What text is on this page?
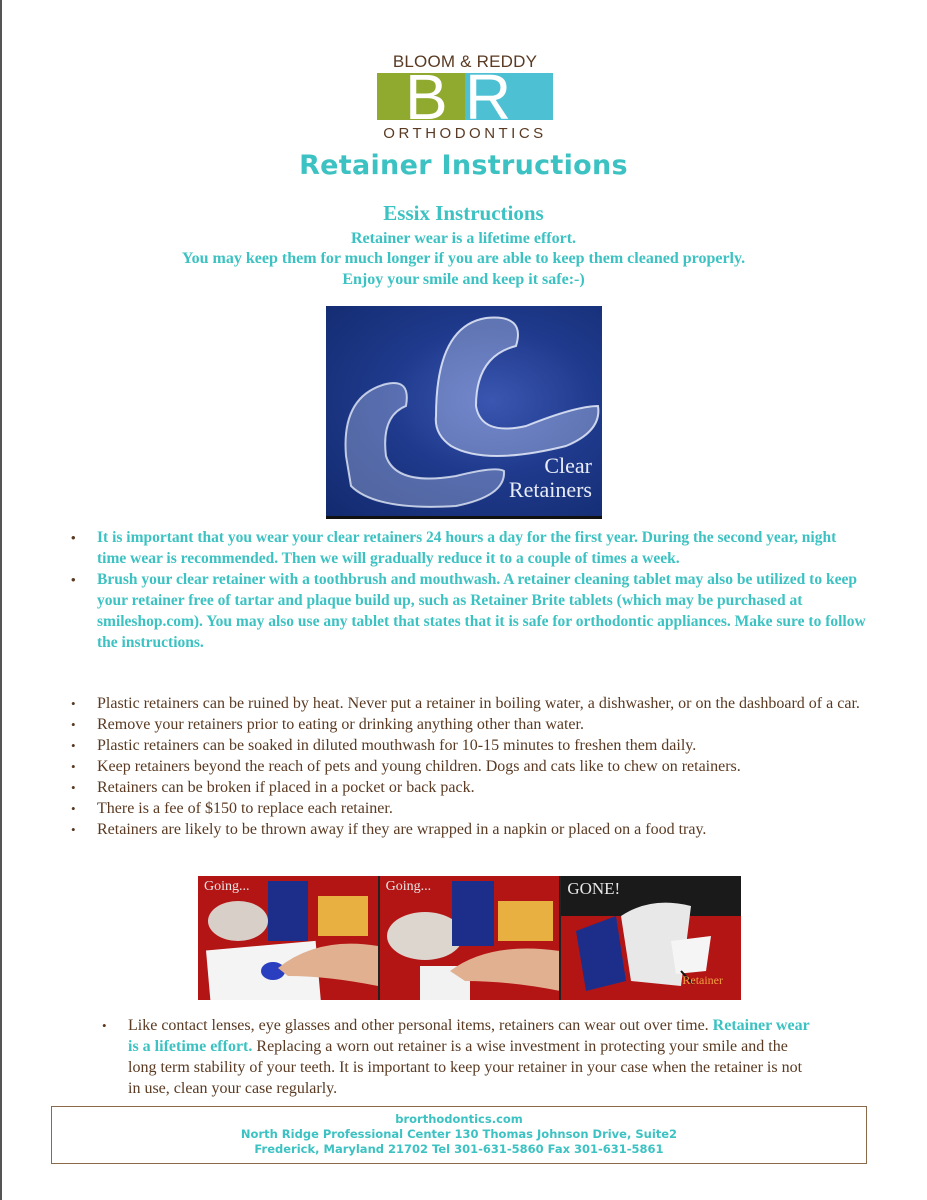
BLOOM & REDDY
B R
ORTHODONTICS
Retainer Instructions
Essix Instructions
Retainer wear is a lifetime effort.
You may keep them for much longer if you are able to keep them cleaned properly.
Enjoy your smile and keep it safe:-)
Clear
Retainers
• It is important that you wear your clear retainers 24 hours a day for the first year. During the second year, night time wear is recommended. Then we will gradually reduce it to a couple of times a week.
• Brush your clear retainer with a toothbrush and mouthwash. A retainer cleaning tablet may also be utilized to keep your retainer free of tartar and plaque build up, such as Retainer Brite tablets (which may be purchased at smileshop.com). You may also use any tablet that states that it is safe for orthodontic appliances. Make sure to follow the instructions.
• Plastic retainers can be ruined by heat. Never put a retainer in boiling water, a dishwasher, or on the dashboard of a car.
• Remove your retainers prior to eating or drinking anything other than water.
• Plastic retainers can be soaked in diluted mouthwash for 10-15 minutes to freshen them daily.
• Keep retainers beyond the reach of pets and young children. Dogs and cats like to chew on retainers.
• Retainers can be broken if placed in a pocket or back pack.
• There is a fee of $150 to replace each retainer.
• Retainers are likely to be thrown away if they are wrapped in a napkin or placed on a food tray.
Going...	Going...	GONE!
Retainer
• Like contact lenses, eye glasses and other personal items, retainers can wear out over time. Retainer wear is a lifetime effort. Replacing a worn out retainer is a wise investment in protecting your smile and the long term stability of your teeth. It is important to keep your retainer in your case when the retainer is not in use, clean your case regularly.
brorthodontics.com
North Ridge Professional Center 130 Thomas Johnson Drive, Suite2
Frederick, Maryland 21702 Tel 301-631-5860 Fax 301-631-5861
